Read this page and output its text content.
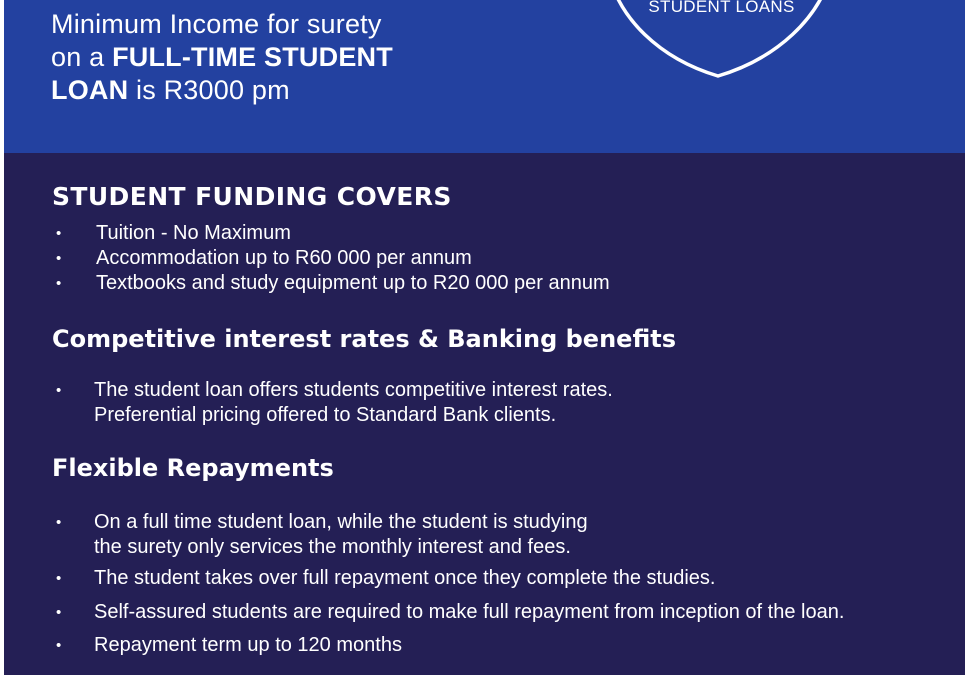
Minimum Income for surety
on a FULL-TIME STUDENT
LOAN is R3000 pm
STUDENT LOANS
STUDENT FUNDING COVERS
• Tuition - No Maximum
• Accommodation up to R60 000 per annum
• Textbooks and study equipment up to R20 000 per annum
Competitive interest rates & Banking benefits
• The student loan offers students competitive interest rates.
Preferential pricing offered to Standard Bank clients.
Flexible Repayments
• On a full time student loan, while the student is studying
the surety only services the monthly interest and fees.
• The student takes over full repayment once they complete the studies.
• Self-assured students are required to make full repayment from inception of the loan.
• Repayment term up to 120 months
